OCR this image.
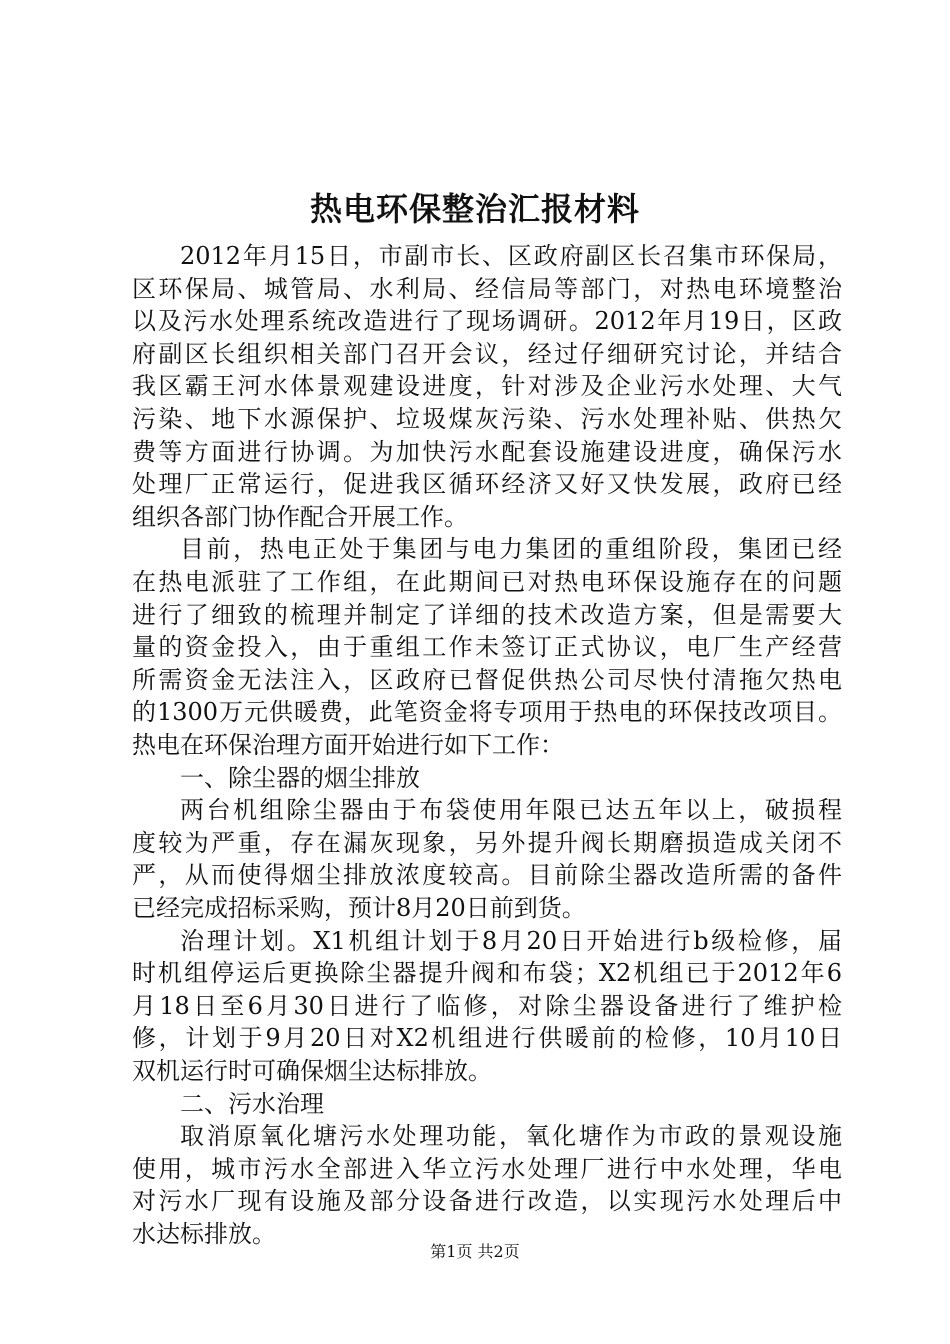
热电环保整治汇报材料
2012年月15日，市副市长、区政府副区长召集市环保局，
区环保局、城管局、水利局、经信局等部门，对热电环境整治
以及污水处理系统改造进行了现场调研。2012年月19日，区政
府副区长组织相关部门召开会议，经过仔细研究讨论，并结合
我区霸王河水体景观建设进度，针对涉及企业污水处理、大气
污染、地下水源保护、垃圾煤灰污染、污水处理补贴、供热欠
费等方面进行协调。为加快污水配套设施建设进度，确保污水
处理厂正常运行，促进我区循环经济又好又快发展，政府已经
组织各部门协作配合开展工作。
目前，热电正处于集团与电力集团的重组阶段，集团已经
在热电派驻了工作组，在此期间已对热电环保设施存在的问题
进行了细致的梳理并制定了详细的技术改造方案，但是需要大
量的资金投入，由于重组工作未签订正式协议，电厂生产经营
所需资金无法注入，区政府已督促供热公司尽快付清拖欠热电
的1300万元供暖费，此笔资金将专项用于热电的环保技改项目。
热电在环保治理方面开始进行如下工作：
一、除尘器的烟尘排放
两台机组除尘器由于布袋使用年限已达五年以上，破损程
度较为严重，存在漏灰现象，另外提升阀长期磨损造成关闭不
严，从而使得烟尘排放浓度较高。目前除尘器改造所需的备件
已经完成招标采购，预计8月20日前到货。
治理计划。X1机组计划于8月20日开始进行b级检修，届
时机组停运后更换除尘器提升阀和布袋；X2机组已于2012年6
月18日至6月30日进行了临修，对除尘器设备进行了维护检
修，计划于9月20日对X2机组进行供暖前的检修，10月10日
双机运行时可确保烟尘达标排放。
二、污水治理
取消原氧化塘污水处理功能，氧化塘作为市政的景观设施
使用，城市污水全部进入华立污水处理厂进行中水处理，华电
对污水厂现有设施及部分设备进行改造，以实现污水处理后中
水达标排放。
第1页 共2页
